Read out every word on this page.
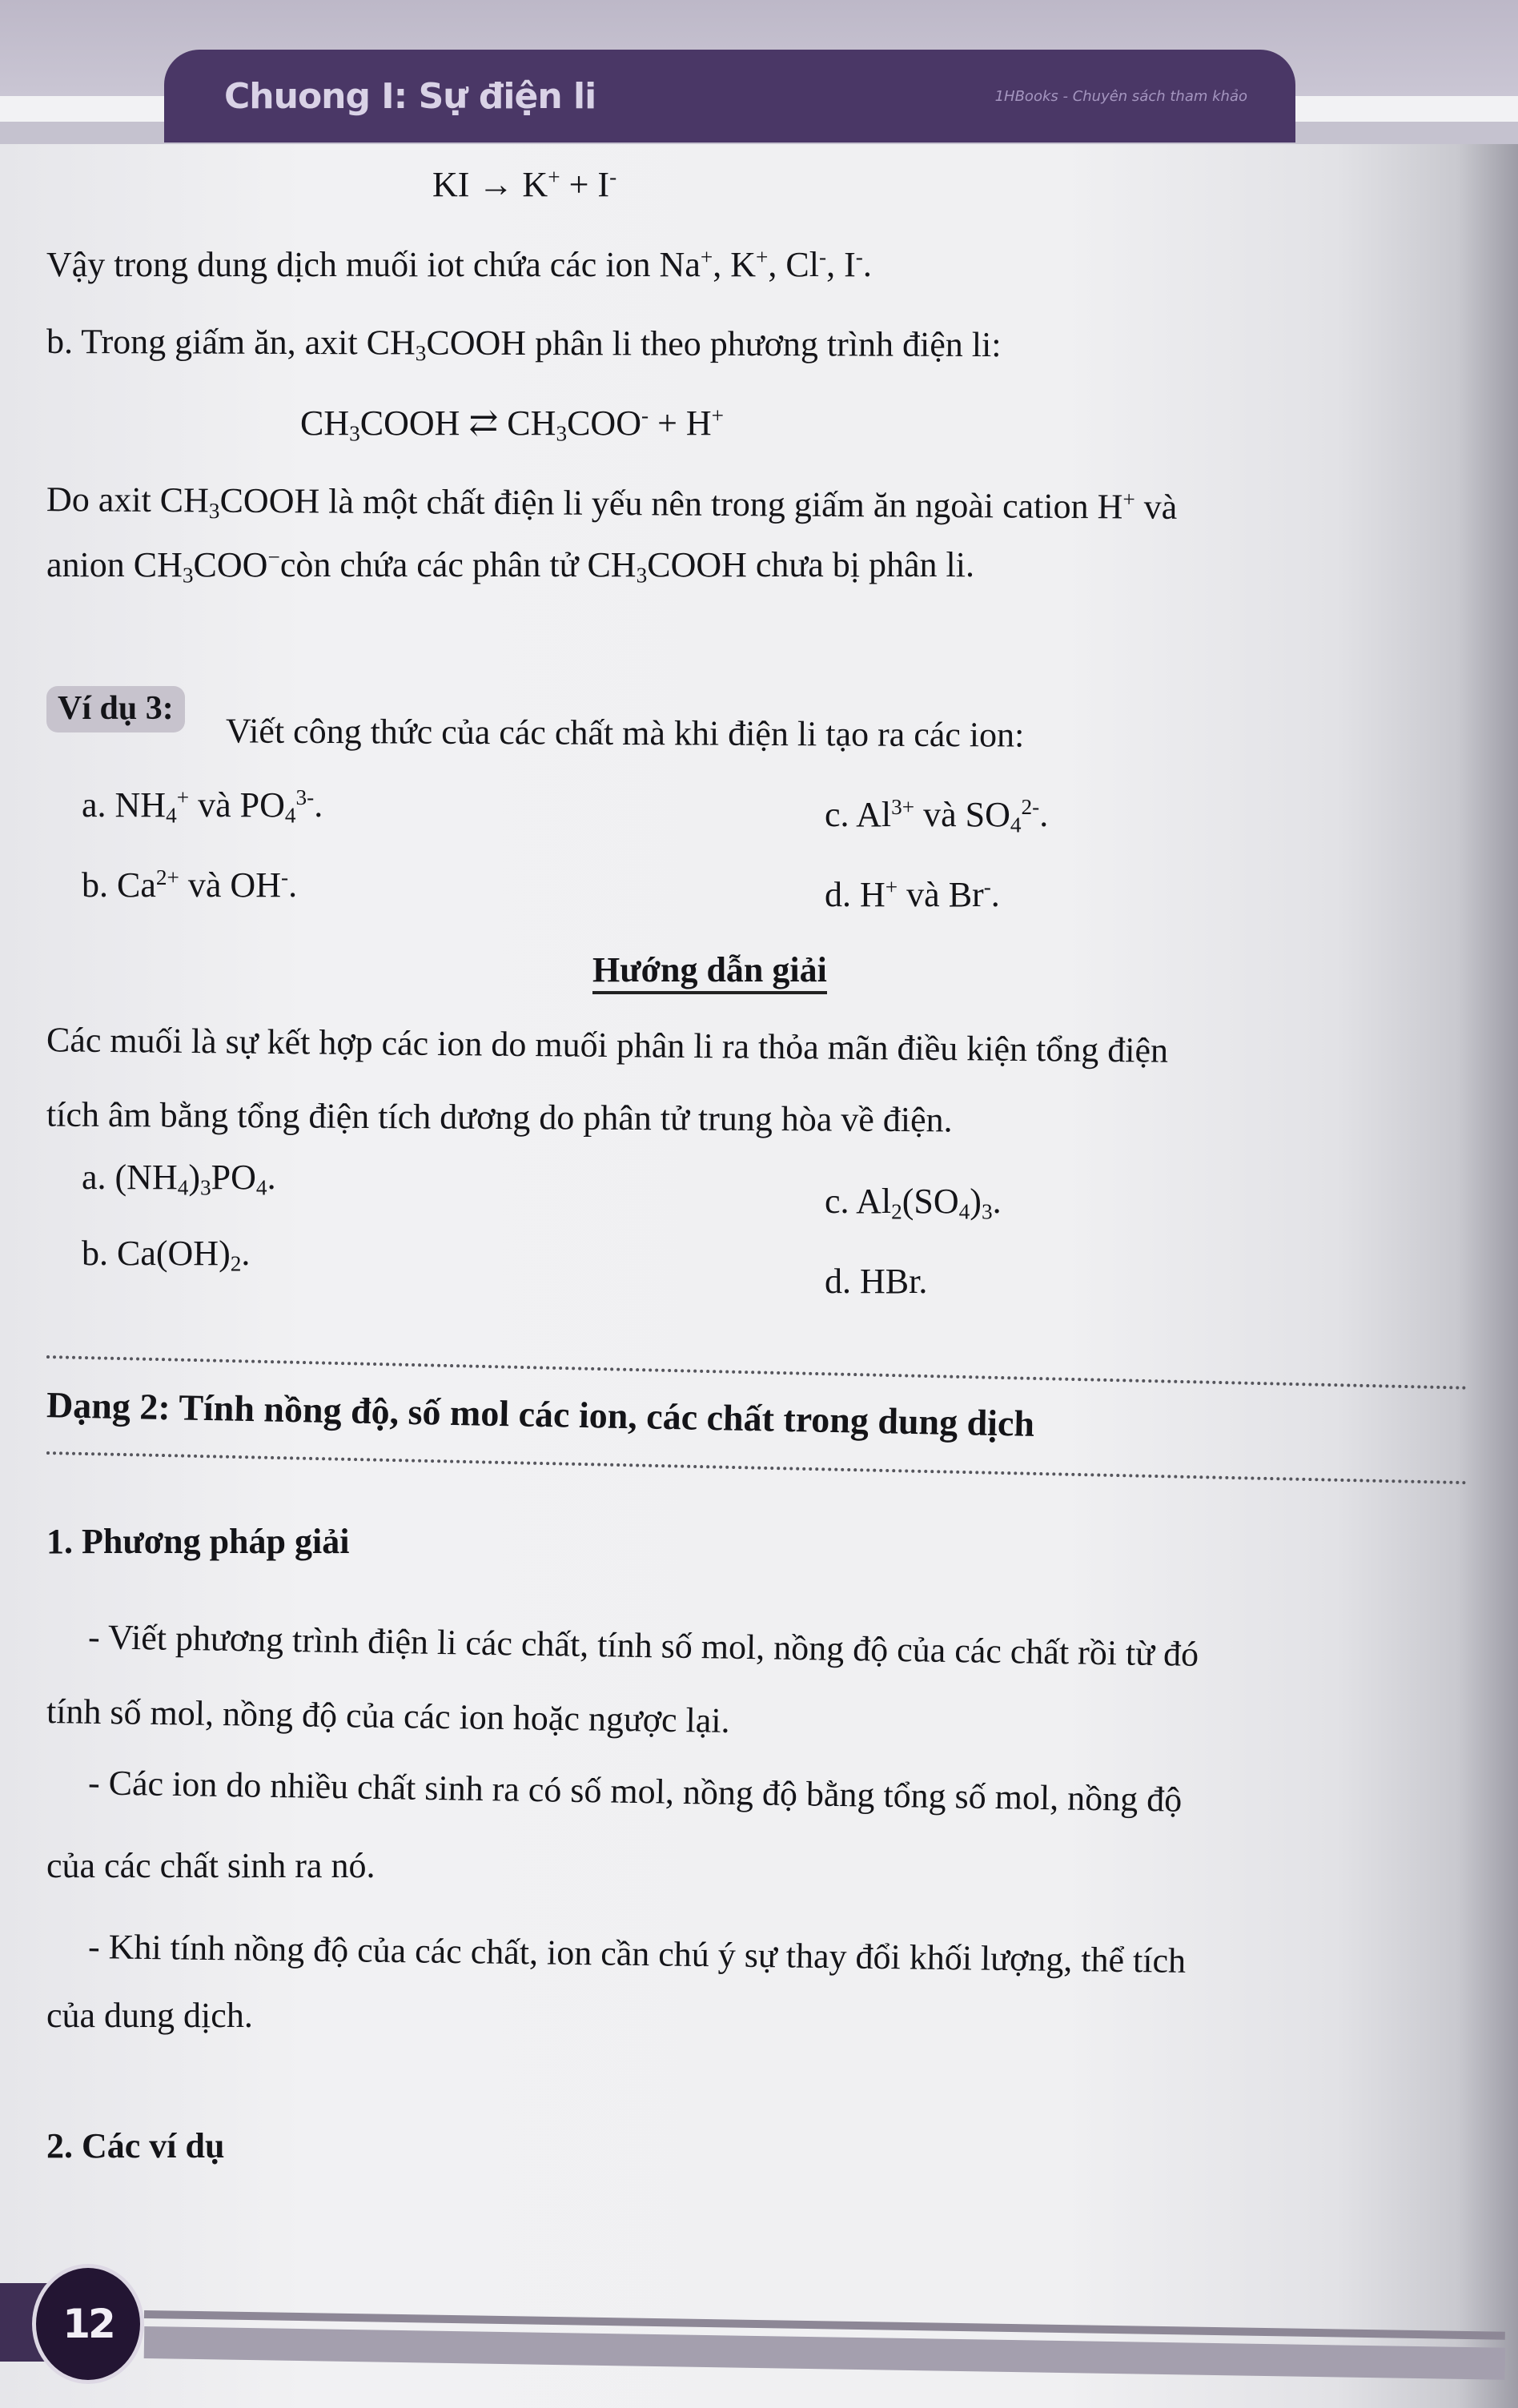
Chuong I: Sự điện li	1HBooks - Chuyên sách tham khảo
KI → K+ + I-
Vậy trong dung dịch muối iot chứa các ion Na+, K+, Cl-, I-.
b. Trong giấm ăn, axit $CH_3COOH$ phân li theo phương trình điện li:
$CH_3COOH$ ⇄ $CH_3COO^- + H^+$
Do axit $CH_3COOH$ là một chất điện li yếu nên trong giấm ăn ngoài cation H+ và
anion $CH_3COO^-còn$ chứa các phân tử $CH_3COOH$ chưa bị phân li.
Ví dụ 3:
Viết công thức của các chất mà khi điện li tạo ra các ion:
a. $NH_4^+$ và $PO_4^{3-}$.	c. $Al^{3+}$ và $SO_4^{2-}$.
b. $Ca^{2+}$ và OH-.	d. H+ và Br-.
Hướng dẫn giải
Các muối là sự kết hợp các ion do muối phân li ra thỏa mãn điều kiện tổng điện
tích âm bằng tổng điện tích dương do phân tử trung hòa về điện.
a. $(NH_4)_3PO_4$.
c. $Al_2(SO_4)_3$.
b. $Ca(OH)_2$.
d. HBr.
Dạng 2: Tính nồng độ, số mol các ion, các chất trong dung dịch
1. Phương pháp giải
- Viết phương trình điện li các chất, tính số mol, nồng độ của các chất rồi từ đó
tính số mol, nồng độ của các ion hoặc ngược lại.
- Các ion do nhiều chất sinh ra có số mol, nồng độ bằng tổng số mol, nồng độ
của các chất sinh ra nó.
- Khi tính nồng độ của các chất, ion cần chú ý sự thay đổi khối lượng, thể tích
của dung dịch.
2. Các ví dụ
12
